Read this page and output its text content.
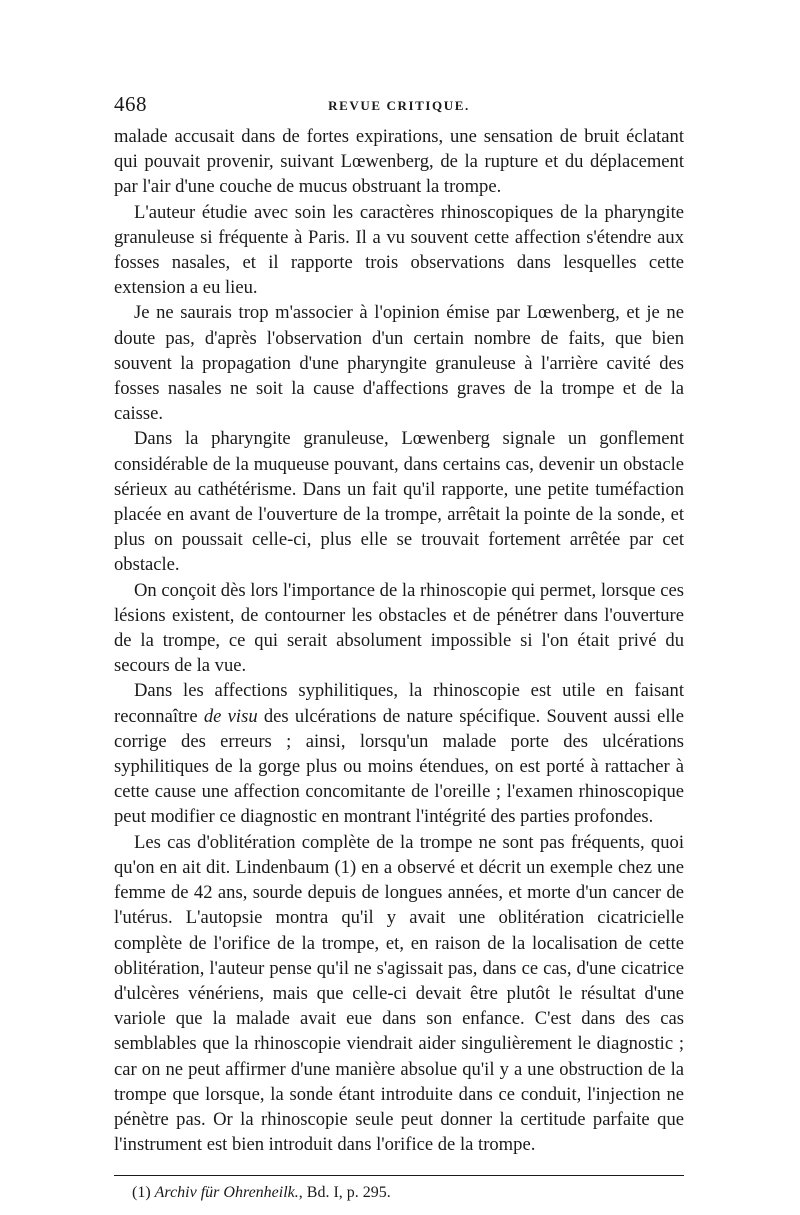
468	REVUE CRITIQUE.

malade accusait dans de fortes expirations, une sensation de bruit éclatant qui pouvait provenir, suivant Lœwenberg, de la rupture et du déplacement par l'air d'une couche de mucus obstruant la trompe.

L'auteur étudie avec soin les caractères rhinoscopiques de la pharyngite granuleuse si fréquente à Paris. Il a vu souvent cette affection s'étendre aux fosses nasales, et il rapporte trois observations dans lesquelles cette extension a eu lieu.

Je ne saurais trop m'associer à l'opinion émise par Lœwenberg, et je ne doute pas, d'après l'observation d'un certain nombre de faits, que bien souvent la propagation d'une pharyngite granuleuse à l'arrière cavité des fosses nasales ne soit la cause d'affections graves de la trompe et de la caisse.

Dans la pharyngite granuleuse, Lœwenberg signale un gonflement considérable de la muqueuse pouvant, dans certains cas, devenir un obstacle sérieux au cathétérisme. Dans un fait qu'il rapporte, une petite tuméfaction placée en avant de l'ouverture de la trompe, arrêtait la pointe de la sonde, et plus on poussait celle-ci, plus elle se trouvait fortement arrêtée par cet obstacle.

On conçoit dès lors l'importance de la rhinoscopie qui permet, lorsque ces lésions existent, de contourner les obstacles et de pénétrer dans l'ouverture de la trompe, ce qui serait absolument impossible si l'on était privé du secours de la vue.

Dans les affections syphilitiques, la rhinoscopie est utile en faisant reconnaître de visu des ulcérations de nature spécifique. Souvent aussi elle corrige des erreurs ; ainsi, lorsqu'un malade porte des ulcérations syphilitiques de la gorge plus ou moins étendues, on est porté à rattacher à cette cause une affection concomitante de l'oreille ; l'examen rhinoscopique peut modifier ce diagnostic en montrant l'intégrité des parties profondes.

Les cas d'oblitération complète de la trompe ne sont pas fréquents, quoi qu'on en ait dit. Lindenbaum (1) en a observé et décrit un exemple chez une femme de 42 ans, sourde depuis de longues années, et morte d'un cancer de l'utérus. L'autopsie montra qu'il y avait une oblitération cicatricielle complète de l'orifice de la trompe, et, en raison de la localisation de cette oblitération, l'auteur pense qu'il ne s'agissait pas, dans ce cas, d'une cicatrice d'ulcères vénériens, mais que celle-ci devait être plutôt le résultat d'une variole que la malade avait eue dans son enfance. C'est dans des cas semblables que la rhinoscopie viendrait aider singulièrement le diagnostic ; car on ne peut affirmer d'une manière absolue qu'il y a une obstruction de la trompe que lorsque, la sonde étant introduite dans ce conduit, l'injection ne pénètre pas. Or la rhinoscopie seule peut donner la certitude parfaite que l'instrument est bien introduit dans l'orifice de la trompe.

(1) Archiv für Ohrenheilk., Bd. I, p. 295.
